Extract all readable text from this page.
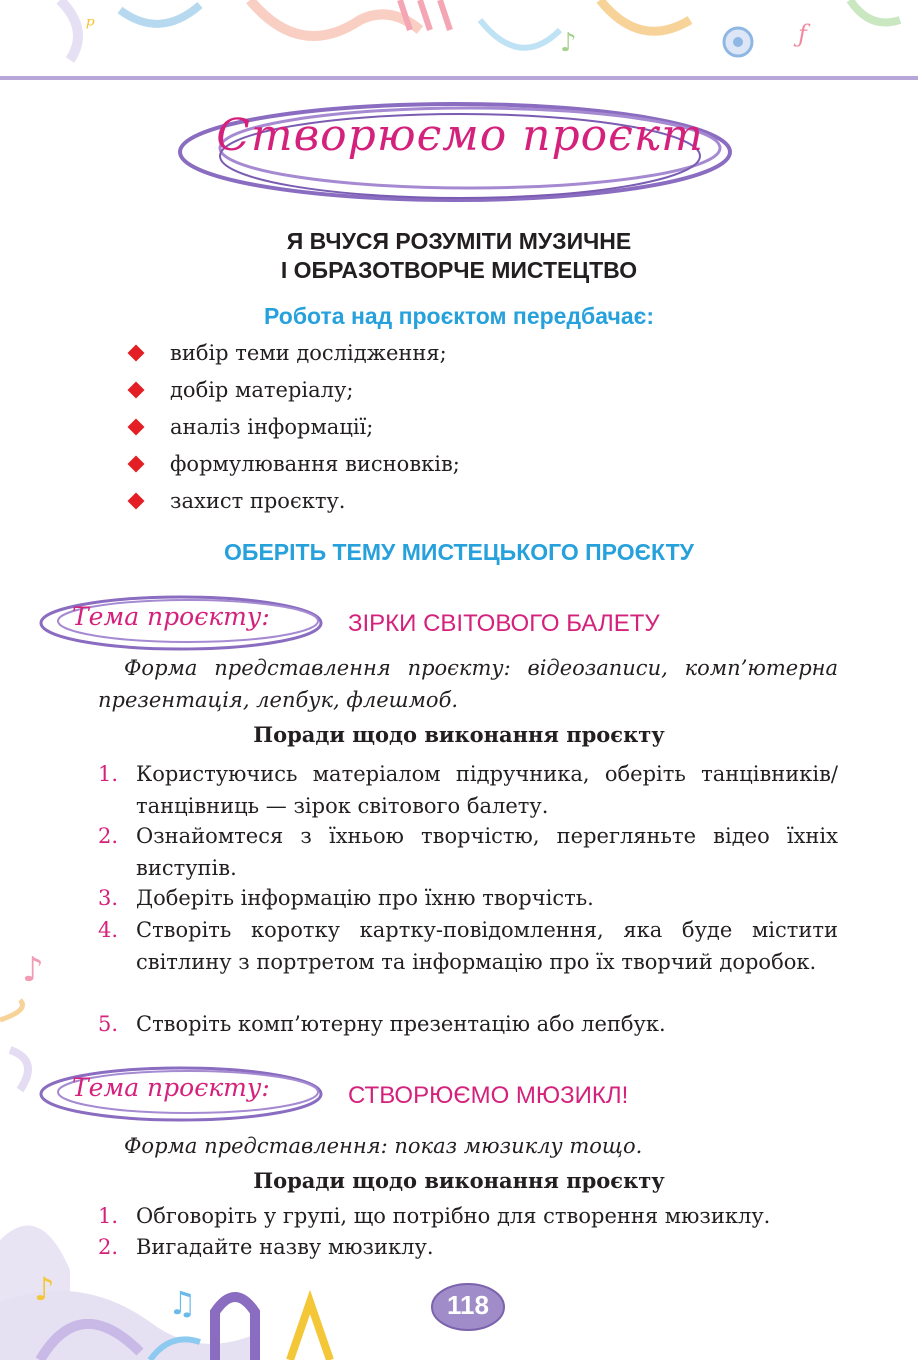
ᵖ
♪	ƒ
Створюємо проєкт
Я ВЧУСЯ РОЗУМІТИ МУЗИЧНЕ
І ОБРАЗОТВОРЧЕ МИСТЕЦТВО
Робота над проєктом передбачає:
вибір теми дослідження;
добір матеріалу;
аналіз інформації;
формулювання висновків;
захист проєкту.
ОБЕРІТЬ ТЕМУ МИСТЕЦЬКОГО ПРОЄКТУ
Тема проєкту:	ЗІРКИ СВІТОВОГО БАЛЕТУ
Форма представлення проєкту: відеозаписи, комп’ютерна презентація, лепбук, флешмоб.
Поради щодо виконання проєкту
1. Користуючись матеріалом підручника, оберіть танцівників/танцівниць — зірок світового балету.
2. Ознайомтеся з їхньою творчістю, перегляньте відео їхніх виступів.
3. Доберіть інформацію про їхню творчість.
4. Створіть коротку картку-повідомлення, яка буде містити світлину з портретом та інформацію про їх творчий доробок.
5. Створіть комп’ютерну презентацію або лепбук.
Тема проєкту:	СТВОРЮЄМО МЮЗИКЛ!
Форма представлення: показ мюзиклу тощо.
Поради щодо виконання проєкту
1. Обговоріть у групі, що потрібно для створення мюзиклу.
2. Вигадайте назву мюзиклу.
♪
♪	♫	118
